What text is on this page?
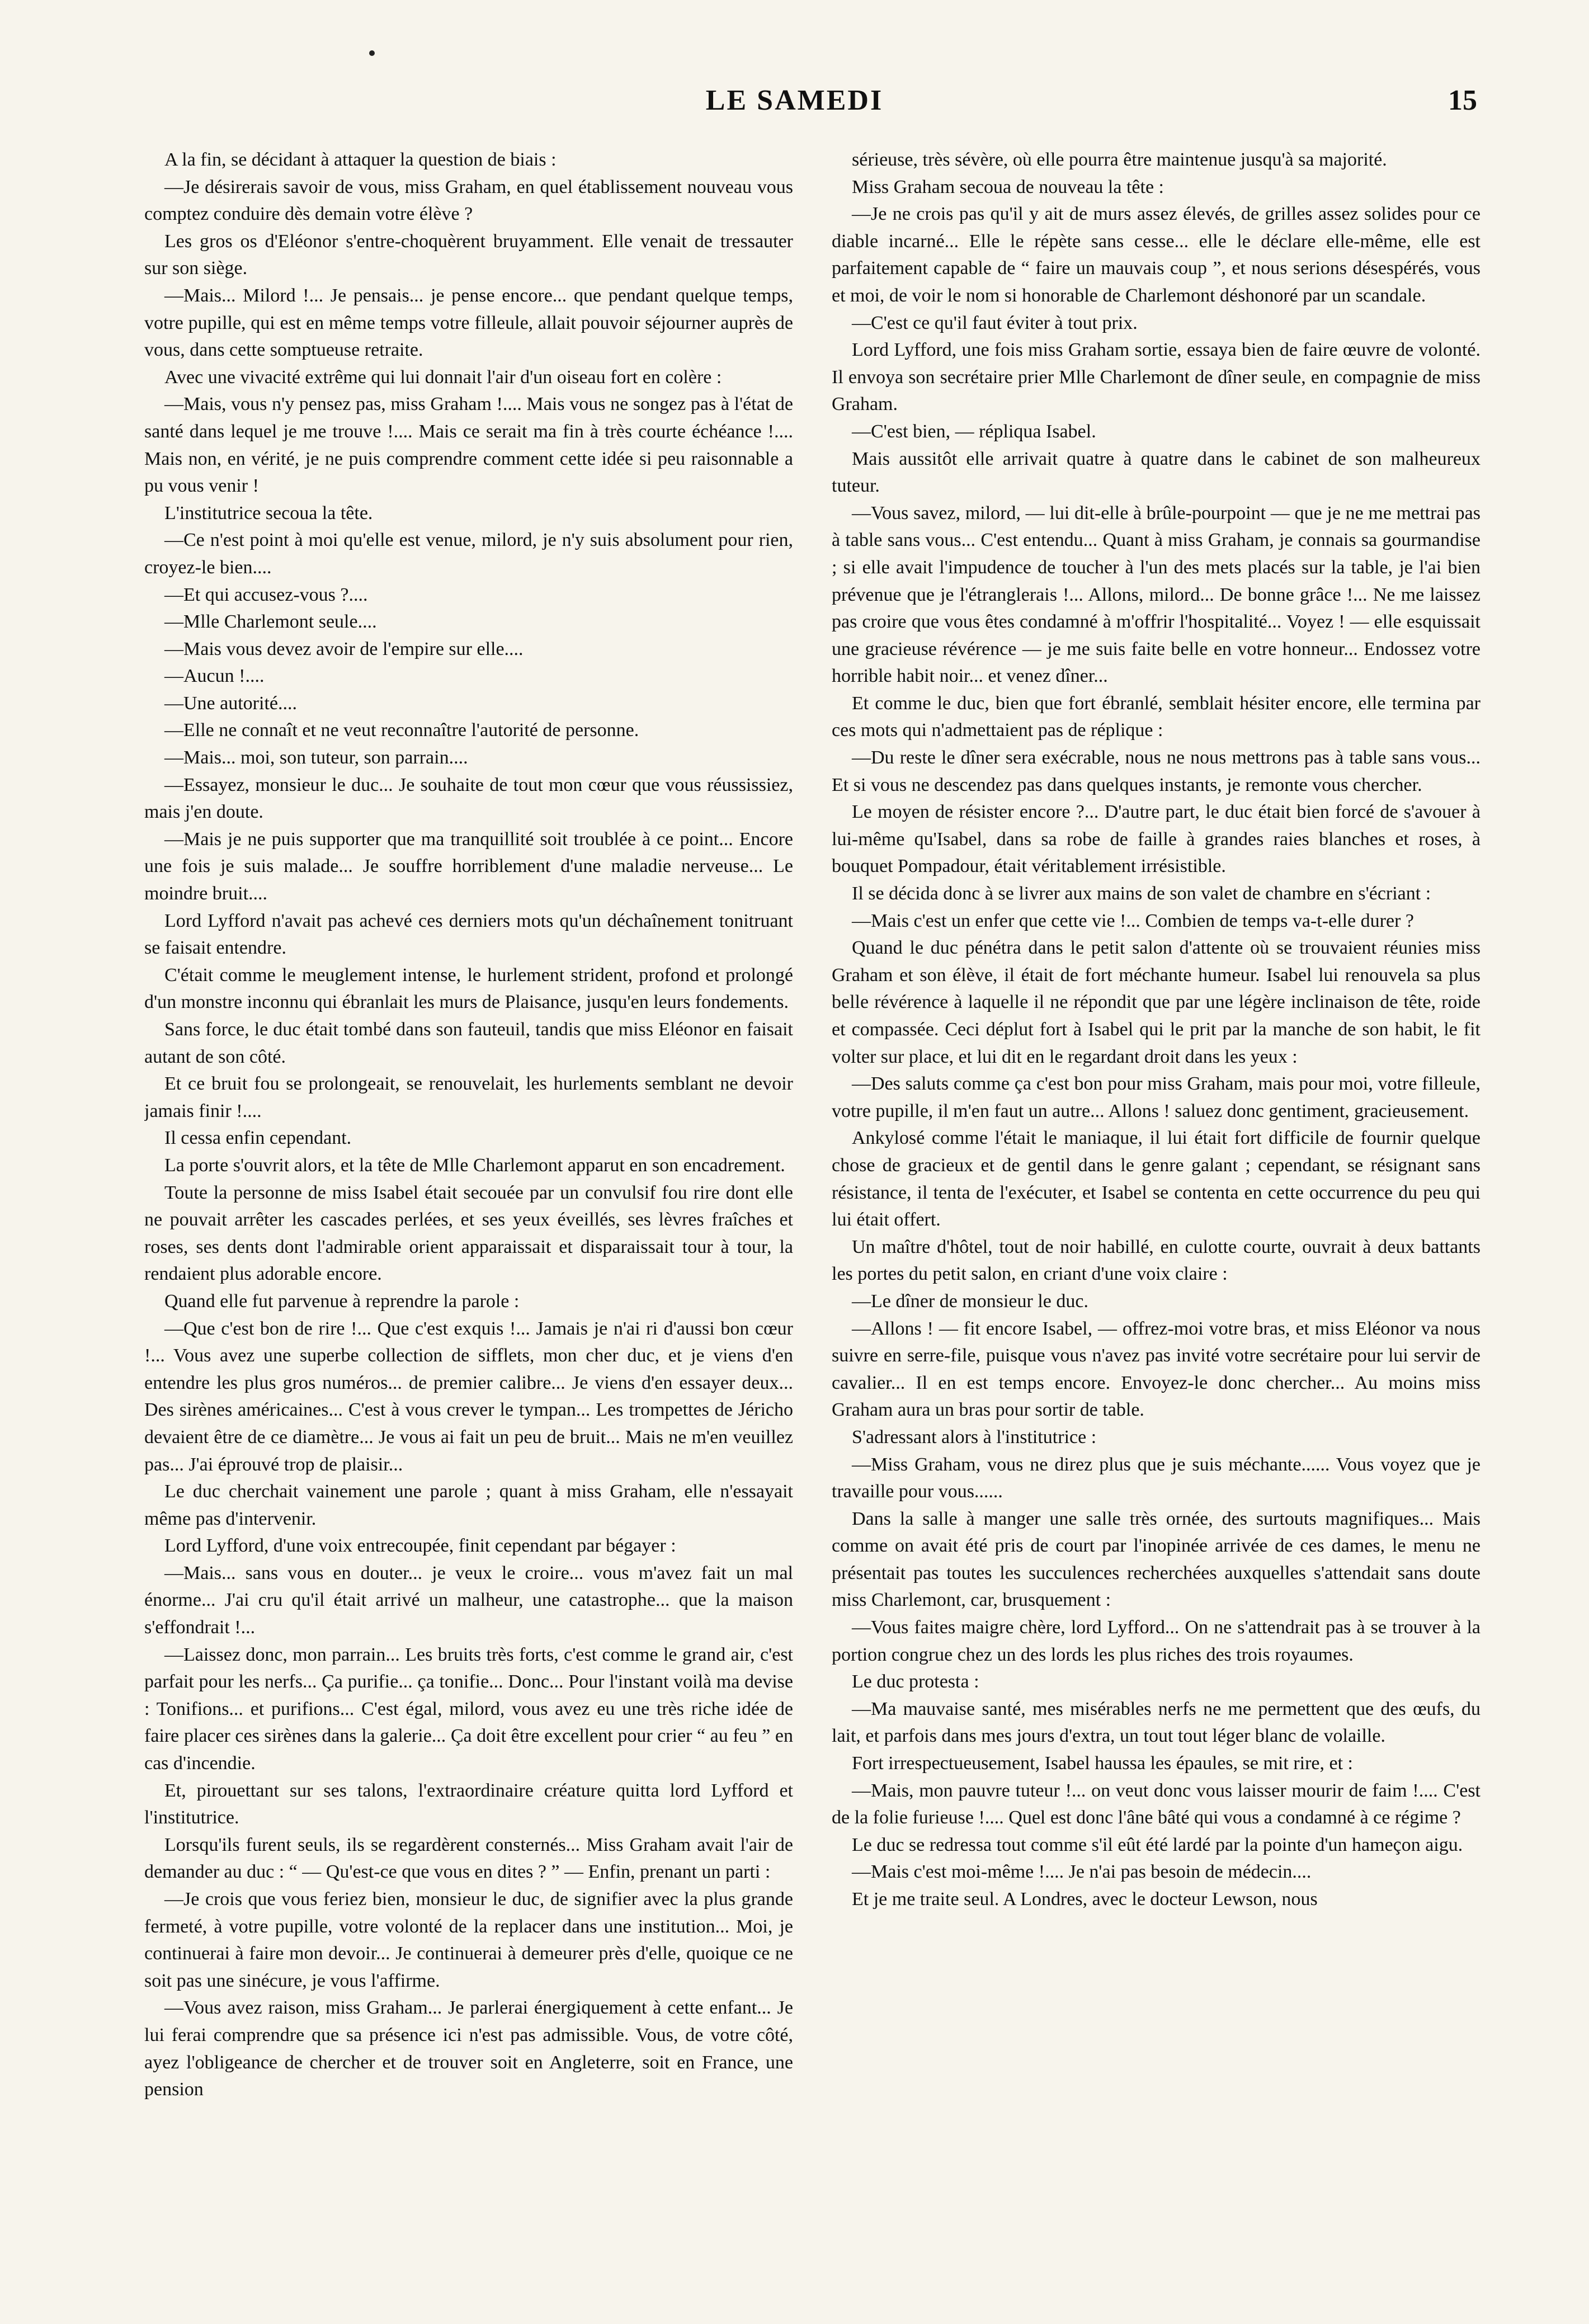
LE SAMEDI	15

A la fin, se décidant à attaquer la question de biais :

—Je désirerais savoir de vous, miss Graham, en quel établissement nouveau vous comptez conduire dès demain votre élève ?

Les gros os d'Eléonor s'entre-choquèrent bruyamment. Elle venait de tressauter sur son siège.

—Mais... Milord !... Je pensais... je pense encore... que pendant quelque temps, votre pupille, qui est en même temps votre filleule, allait pouvoir séjourner auprès de vous, dans cette somptueuse retraite.

Avec une vivacité extrême qui lui donnait l'air d'un oiseau fort en colère :

—Mais, vous n'y pensez pas, miss Graham !.... Mais vous ne songez pas à l'état de santé dans lequel je me trouve !.... Mais ce serait ma fin à très courte échéance !.... Mais non, en vérité, je ne puis comprendre comment cette idée si peu raisonnable a pu vous venir !

L'institutrice secoua la tête.

—Ce n'est point à moi qu'elle est venue, milord, je n'y suis absolument pour rien, croyez-le bien....

—Et qui accusez-vous ?....

—Mlle Charlemont seule....

—Mais vous devez avoir de l'empire sur elle....

—Aucun !....

—Une autorité....

—Elle ne connaît et ne veut reconnaître l'autorité de personne.

—Mais... moi, son tuteur, son parrain....

—Essayez, monsieur le duc... Je souhaite de tout mon cœur que vous réussissiez, mais j'en doute.

—Mais je ne puis supporter que ma tranquillité soit troublée à ce point... Encore une fois je suis malade... Je souffre horriblement d'une maladie nerveuse... Le moindre bruit....

Lord Lyfford n'avait pas achevé ces derniers mots qu'un déchaînement tonitruant se faisait entendre.

C'était comme le meuglement intense, le hurlement strident, profond et prolongé d'un monstre inconnu qui ébranlait les murs de Plaisance, jusqu'en leurs fondements.

Sans force, le duc était tombé dans son fauteuil, tandis que miss Eléonor en faisait autant de son côté.

Et ce bruit fou se prolongeait, se renouvelait, les hurlements semblant ne devoir jamais finir !....

Il cessa enfin cependant.

La porte s'ouvrit alors, et la tête de Mlle Charlemont apparut en son encadrement.

Toute la personne de miss Isabel était secouée par un convulsif fou rire dont elle ne pouvait arrêter les cascades perlées, et ses yeux éveillés, ses lèvres fraîches et roses, ses dents dont l'admirable orient apparaissait et disparaissait tour à tour, la rendaient plus adorable encore.

Quand elle fut parvenue à reprendre la parole :

—Que c'est bon de rire !... Que c'est exquis !... Jamais je n'ai ri d'aussi bon cœur !... Vous avez une superbe collection de sifflets, mon cher duc, et je viens d'en entendre les plus gros numéros... de premier calibre... Je viens d'en essayer deux... Des sirènes américaines... C'est à vous crever le tympan... Les trompettes de Jéricho devaient être de ce diamètre... Je vous ai fait un peu de bruit... Mais ne m'en veuillez pas... J'ai éprouvé trop de plaisir...

Le duc cherchait vainement une parole ; quant à miss Graham, elle n'essayait même pas d'intervenir.

Lord Lyfford, d'une voix entrecoupée, finit cependant par bégayer :

—Mais... sans vous en douter... je veux le croire... vous m'avez fait un mal énorme... J'ai cru qu'il était arrivé un malheur, une catastrophe... que la maison s'effondrait !...

—Laissez donc, mon parrain... Les bruits très forts, c'est comme le grand air, c'est parfait pour les nerfs... Ça purifie... ça tonifie... Donc... Pour l'instant voilà ma devise : Tonifions... et purifions... C'est égal, milord, vous avez eu une très riche idée de faire placer ces sirènes dans la galerie... Ça doit être excellent pour crier “ au feu ” en cas d'incendie.

Et, pirouettant sur ses talons, l'extraordinaire créature quitta lord Lyfford et l'institutrice.

Lorsqu'ils furent seuls, ils se regardèrent consternés... Miss Graham avait l'air de demander au duc : “ — Qu'est-ce que vous en dites ? ” — Enfin, prenant un parti :

—Je crois que vous feriez bien, monsieur le duc, de signifier avec la plus grande fermeté, à votre pupille, votre volonté de la replacer dans une institution... Moi, je continuerai à faire mon devoir... Je continuerai à demeurer près d'elle, quoique ce ne soit pas une sinécure, je vous l'affirme.

—Vous avez raison, miss Graham... Je parlerai énergiquement à cette enfant... Je lui ferai comprendre que sa présence ici n'est pas admissible. Vous, de votre côté, ayez l'obligeance de chercher et de trouver soit en Angleterre, soit en France, une pension

sérieuse, très sévère, où elle pourra être maintenue jusqu'à sa majorité.

Miss Graham secoua de nouveau la tête :

—Je ne crois pas qu'il y ait de murs assez élevés, de grilles assez solides pour ce diable incarné... Elle le répète sans cesse... elle le déclare elle-même, elle est parfaitement capable de “ faire un mauvais coup ”, et nous serions désespérés, vous et moi, de voir le nom si honorable de Charlemont déshonoré par un scandale.

—C'est ce qu'il faut éviter à tout prix.

Lord Lyfford, une fois miss Graham sortie, essaya bien de faire œuvre de volonté. Il envoya son secrétaire prier Mlle Charlemont de dîner seule, en compagnie de miss Graham.

—C'est bien, — répliqua Isabel.

Mais aussitôt elle arrivait quatre à quatre dans le cabinet de son malheureux tuteur.

—Vous savez, milord, — lui dit-elle à brûle-pourpoint — que je ne me mettrai pas à table sans vous... C'est entendu... Quant à miss Graham, je connais sa gourmandise ; si elle avait l'impudence de toucher à l'un des mets placés sur la table, je l'ai bien prévenue que je l'étranglerais !... Allons, milord... De bonne grâce !... Ne me laissez pas croire que vous êtes condamné à m'offrir l'hospitalité... Voyez ! — elle esquissait une gracieuse révérence — je me suis faite belle en votre honneur... Endossez votre horrible habit noir... et venez dîner...

Et comme le duc, bien que fort ébranlé, semblait hésiter encore, elle termina par ces mots qui n'admettaient pas de réplique :

—Du reste le dîner sera exécrable, nous ne nous mettrons pas à table sans vous... Et si vous ne descendez pas dans quelques instants, je remonte vous chercher.

Le moyen de résister encore ?... D'autre part, le duc était bien forcé de s'avouer à lui-même qu'Isabel, dans sa robe de faille à grandes raies blanches et roses, à bouquet Pompadour, était véritablement irrésistible.

Il se décida donc à se livrer aux mains de son valet de chambre en s'écriant :

—Mais c'est un enfer que cette vie !... Combien de temps va-t-elle durer ?

Quand le duc pénétra dans le petit salon d'attente où se trouvaient réunies miss Graham et son élève, il était de fort méchante humeur. Isabel lui renouvela sa plus belle révérence à laquelle il ne répondit que par une légère inclinaison de tête, roide et compassée. Ceci déplut fort à Isabel qui le prit par la manche de son habit, le fit volter sur place, et lui dit en le regardant droit dans les yeux :

—Des saluts comme ça c'est bon pour miss Graham, mais pour moi, votre filleule, votre pupille, il m'en faut un autre... Allons ! saluez donc gentiment, gracieusement.

Ankylosé comme l'était le maniaque, il lui était fort difficile de fournir quelque chose de gracieux et de gentil dans le genre galant ; cependant, se résignant sans résistance, il tenta de l'exécuter, et Isabel se contenta en cette occurrence du peu qui lui était offert.

Un maître d'hôtel, tout de noir habillé, en culotte courte, ouvrait à deux battants les portes du petit salon, en criant d'une voix claire :

—Le dîner de monsieur le duc.

—Allons ! — fit encore Isabel, — offrez-moi votre bras, et miss Eléonor va nous suivre en serre-file, puisque vous n'avez pas invité votre secrétaire pour lui servir de cavalier... Il en est temps encore. Envoyez-le donc chercher... Au moins miss Graham aura un bras pour sortir de table.

S'adressant alors à l'institutrice :

—Miss Graham, vous ne direz plus que je suis méchante...... Vous voyez que je travaille pour vous......

Dans la salle à manger une salle très ornée, des surtouts magnifiques... Mais comme on avait été pris de court par l'inopinée arrivée de ces dames, le menu ne présentait pas toutes les succulences recherchées auxquelles s'attendait sans doute miss Charlemont, car, brusquement :

—Vous faites maigre chère, lord Lyfford... On ne s'attendrait pas à se trouver à la portion congrue chez un des lords les plus riches des trois royaumes.

Le duc protesta :

—Ma mauvaise santé, mes misérables nerfs ne me permettent que des œufs, du lait, et parfois dans mes jours d'extra, un tout tout léger blanc de volaille.

Fort irrespectueusement, Isabel haussa les épaules, se mit rire, et :

—Mais, mon pauvre tuteur !... on veut donc vous laisser mourir de faim !.... C'est de la folie furieuse !.... Quel est donc l'âne bâté qui vous a condamné à ce régime ?

Le duc se redressa tout comme s'il eût été lardé par la pointe d'un hameçon aigu.

—Mais c'est moi-même !.... Je n'ai pas besoin de médecin....

Et je me traite seul. A Londres, avec le docteur Lewson, nous
